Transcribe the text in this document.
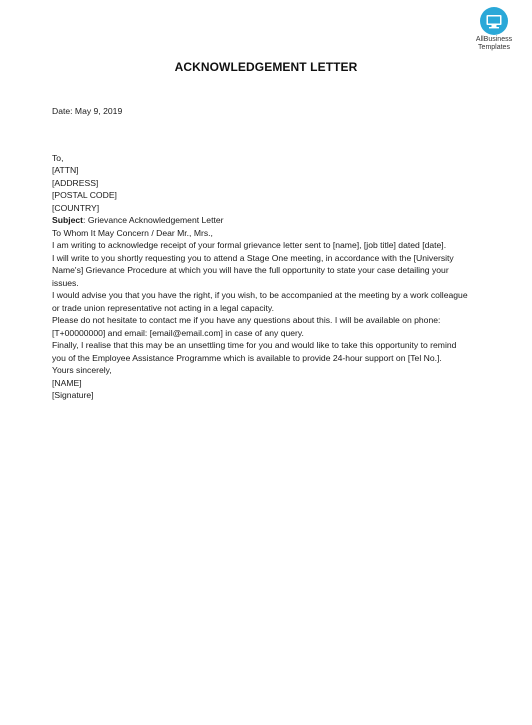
AllBusiness
Templates
ACKNOWLEDGEMENT LETTER

Date: May 9, 2019

To,
[ATTN]
[ADDRESS]
[POSTAL CODE]
[COUNTRY]

Subject: Grievance Acknowledgement Letter

To Whom It May Concern / Dear Mr., Mrs.,

I am writing to acknowledge receipt of your formal grievance letter sent to [name], [job title] dated [date].

I will write to you shortly requesting you to attend a Stage One meeting, in accordance with the [University Name's] Grievance Procedure at which you will have the full opportunity to state your case detailing your issues.

I would advise you that you have the right, if you wish, to be accompanied at the meeting by a work colleague or trade union representative not acting in a legal capacity.

Please do not hesitate to contact me if you have any questions about this. I will be available on phone: [T+00000000] and email: [email@email.com] in case of any query.

Finally, I realise that this may be an unsettling time for you and would like to take this opportunity to remind you of the Employee Assistance Programme which is available to provide 24-hour support on [Tel No.].

Yours sincerely,

[NAME]

[Signature]
